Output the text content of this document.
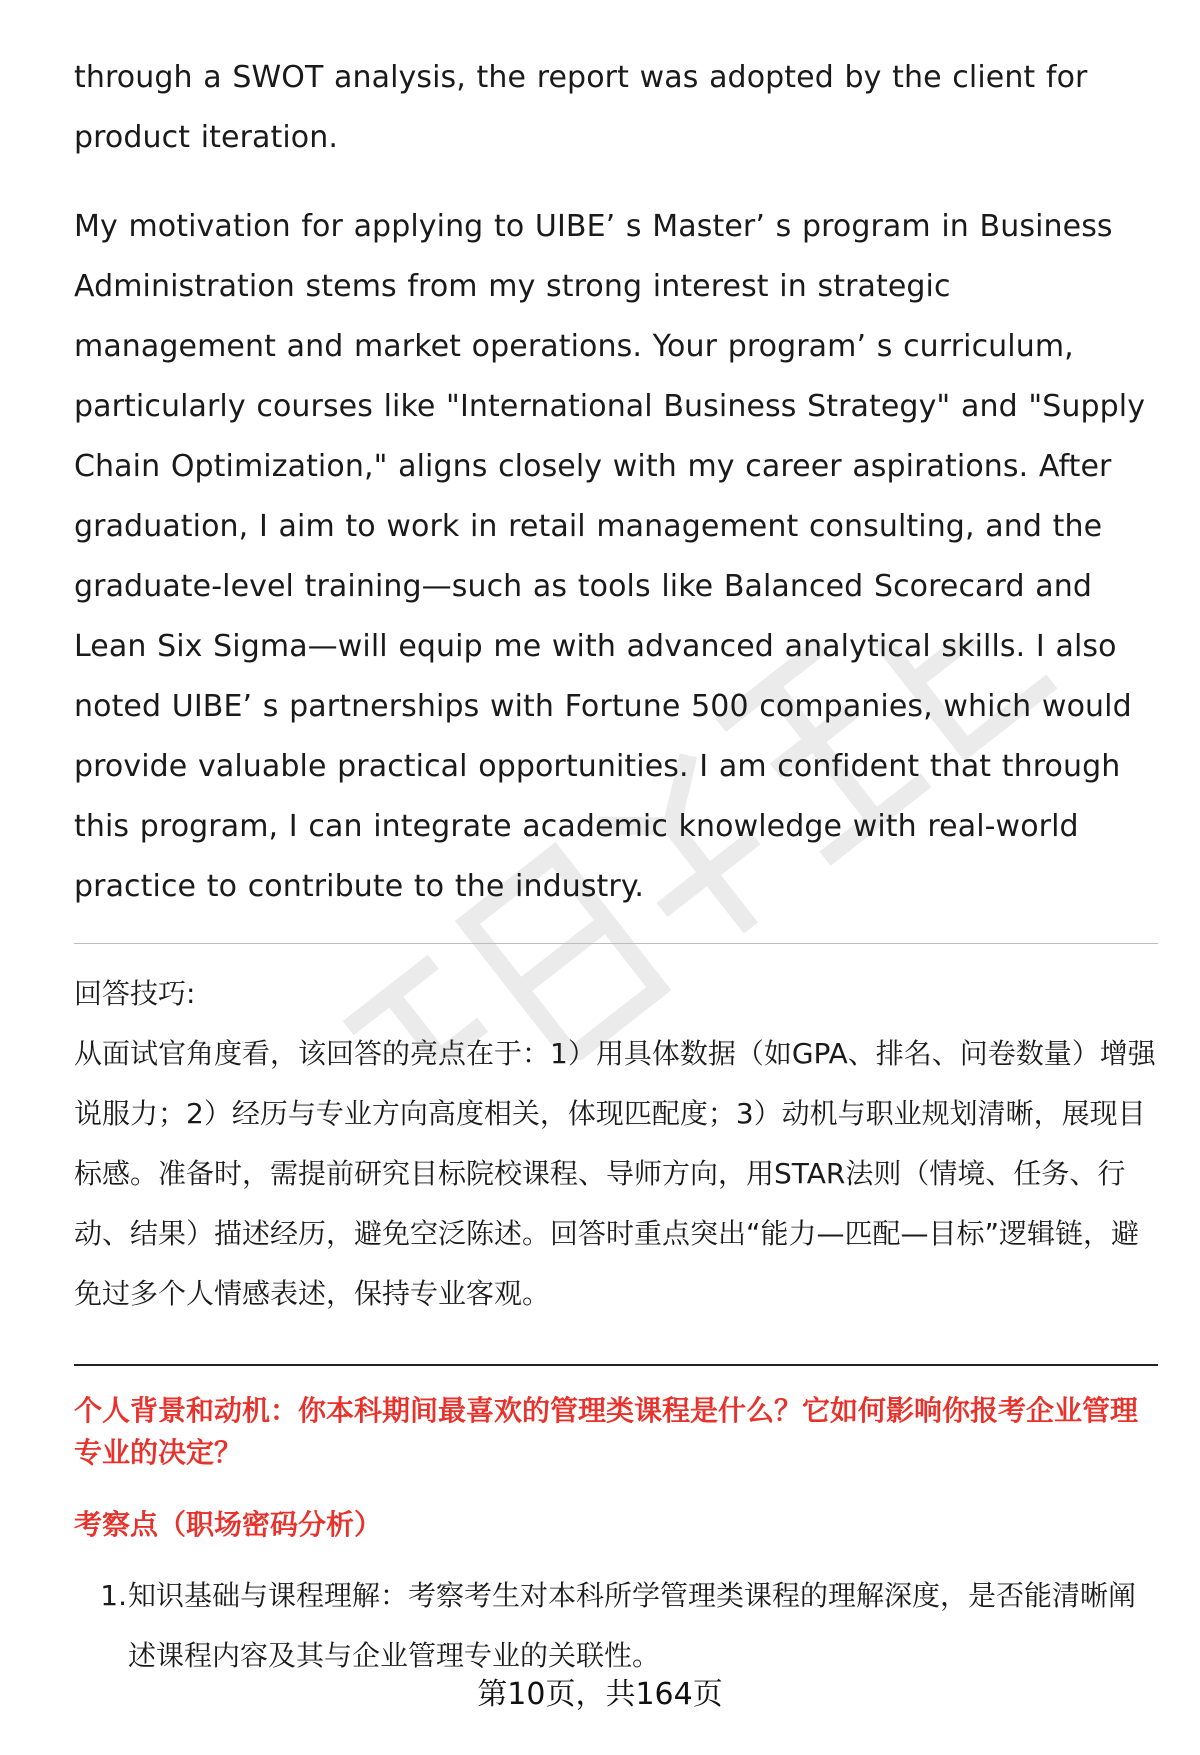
through a SWOT analysis, the report was adopted by the client for product iteration.

My motivation for applying to UIBE’ s Master’ s program in Business Administration stems from my strong interest in strategic management and market operations. Your program’ s curriculum, particularly courses like "International Business Strategy" and "Supply Chain Optimization," aligns closely with my career aspirations. After graduation, I aim to work in retail management consulting, and the graduate-level training—such as tools like Balanced Scorecard and Lean Six Sigma—will equip me with advanced analytical skills. I also noted UIBE’ s partnerships with Fortune 500 companies, which would provide valuable practical opportunities. I am confident that through this program, I can integrate academic knowledge with real-world practice to contribute to the industry.

回答技巧:

从面试官角度看，该回答的亮点在于：1）用具体数据（如GPA、排名、问卷数量）增强说服力；2）经历与专业方向高度相关，体现匹配度；3）动机与职业规划清晰，展现目标感。准备时，需提前研究目标院校课程、导师方向，用STAR法则（情境、任务、行动、结果）描述经历，避免空泛陈述。回答时重点突出“能力—匹配—目标”逻辑链，避免过多个人情感表述，保持专业客观。

个人背景和动机：你本科期间最喜欢的管理类课程是什么？它如何影响你报考企业管理专业的决定？

考察点（职场密码分析）

1. 知识基础与课程理解：考察考生对本科所学管理类课程的理解深度，是否能清晰阐述课程内容及其与企业管理专业的关联性。
第10页，共164页
